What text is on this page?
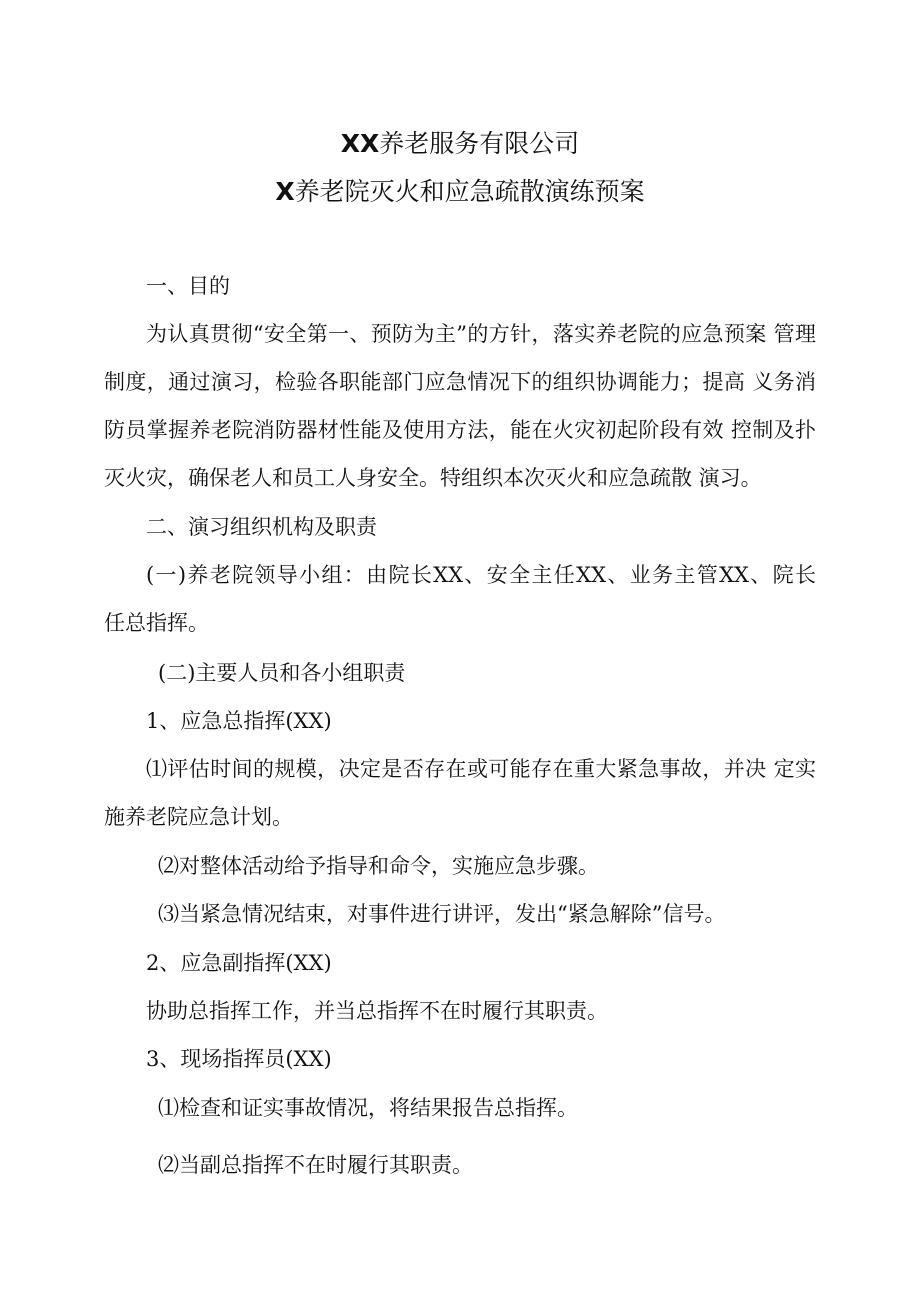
XX养老服务有限公司
X养老院灭火和应急疏散演练预案
一、目的
为认真贯彻“安全第一、预防为主”的方针，落实养老院的应急预案 管理制度，通过演习，检验各职能部门应急情况下的组织协调能力；提高 义务消防员掌握养老院消防器材性能及使用方法，能在火灾初起阶段有效 控制及扑灭火灾，确保老人和员工人身安全。特组织本次灭火和应急疏散 演习。
二、演习组织机构及职责
(一)养老院领导小组：由院长XX、安全主任XX、业务主管XX、院长　任总指挥。
(二)主要人员和各小组职责
1、应急总指挥(XX)
⑴评估时间的规模，决定是否存在或可能存在重大紧急事故，并决 定实施养老院应急计划。
⑵对整体活动给予指导和命令，实施应急步骤。
⑶当紧急情况结束，对事件进行讲评，发出“紧急解除”信号。
2、应急副指挥(XX)
协助总指挥工作，并当总指挥不在时履行其职责。
3、现场指挥员(XX)
⑴检查和证实事故情况，将结果报告总指挥。
⑵当副总指挥不在时履行其职责。
